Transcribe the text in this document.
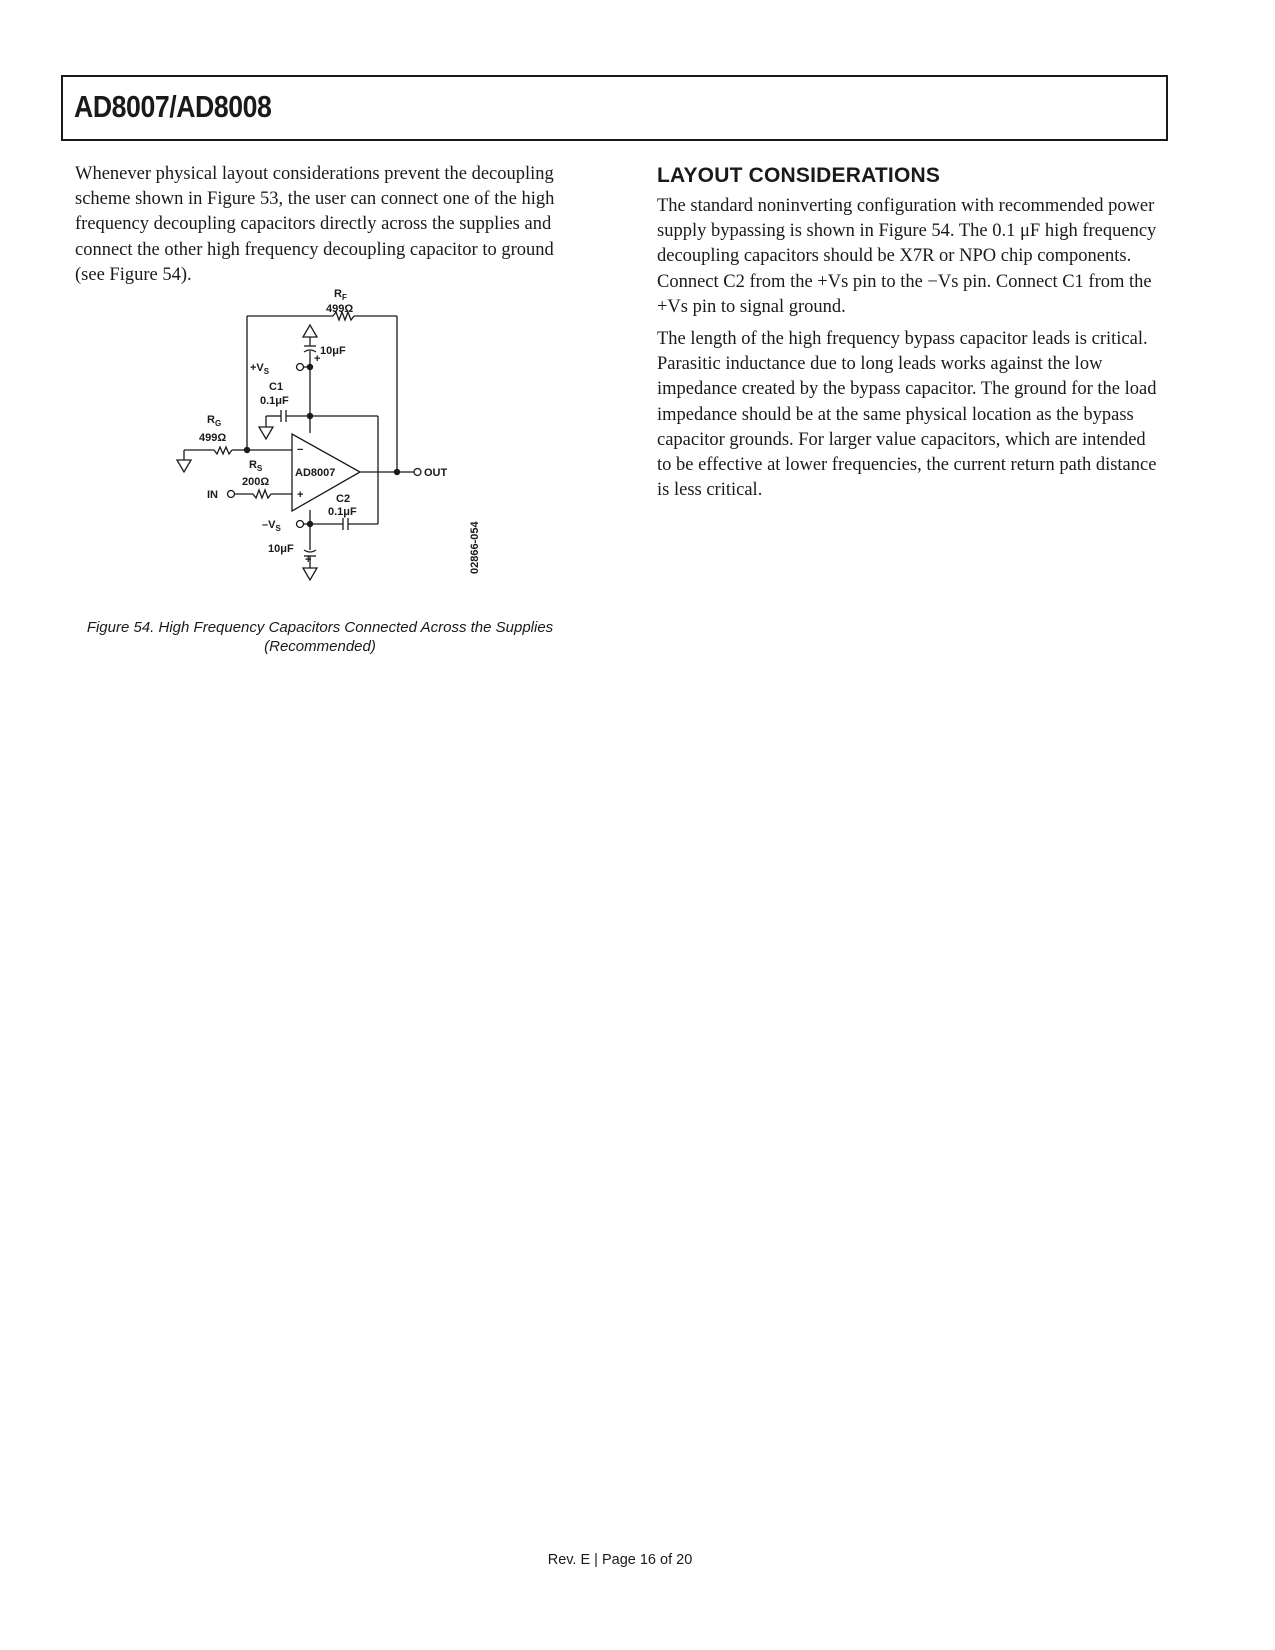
AD8007/AD8008

Whenever physical layout considerations prevent the decoupling scheme shown in Figure 53, the user can connect one of the high frequency decoupling capacitors directly across the supplies and connect the other high frequency decoupling capacitor to ground (see Figure 54).

$R_F$
499Ω
10μF
+
$+V_S$
C1
0.1μF
$R_G$
499Ω
$R_S$
200Ω
IN
−
AD8007
+
OUT
C2
0.1μF
$-V_S$
10μF
+	02866-054
Figure 54. High Frequency Capacitors Connected Across the Supplies (Recommended)
LAYOUT CONSIDERATIONS

The standard noninverting configuration with recommended power supply bypassing is shown in Figure 54. The 0.1 μF high frequency decoupling capacitors should be X7R or NPO chip components. Connect C2 from the +Vs pin to the −Vs pin. Connect C1 from the +Vs pin to signal ground.

The length of the high frequency bypass capacitor leads is critical. Parasitic inductance due to long leads works against the low impedance created by the bypass capacitor. The ground for the load impedance should be at the same physical location as the bypass capacitor grounds. For larger value capacitors, which are intended to be effective at lower frequencies, the current return path distance is less critical.

Rev. E | Page 16 of 20
